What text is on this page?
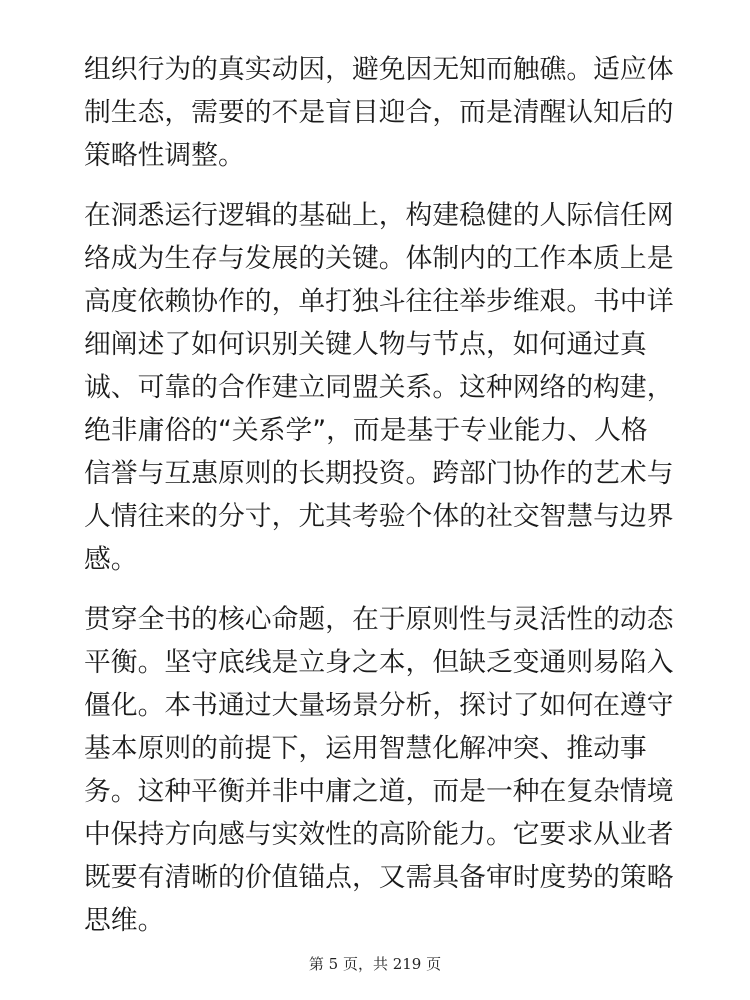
组织行为的真实动因，避免因无知而触礁。适应体
制生态，需要的不是盲目迎合，而是清醒认知后的
策略性调整。

在洞悉运行逻辑的基础上，构建稳健的人际信任网
络成为生存与发展的关键。体制内的工作本质上是
高度依赖协作的，单打独斗往往举步维艰。书中详
细阐述了如何识别关键人物与节点，如何通过真
诚、可靠的合作建立同盟关系。这种网络的构建，
绝非庸俗的“关系学”，而是基于专业能力、人格
信誉与互惠原则的长期投资。跨部门协作的艺术与
人情往来的分寸，尤其考验个体的社交智慧与边界
感。

贯穿全书的核心命题，在于原则性与灵活性的动态
平衡。坚守底线是立身之本，但缺乏变通则易陷入
僵化。本书通过大量场景分析，探讨了如何在遵守
基本原则的前提下，运用智慧化解冲突、推动事
务。这种平衡并非中庸之道，而是一种在复杂情境
中保持方向感与实效性的高阶能力。它要求从业者
既要有清晰的价值锚点，又需具备审时度势的策略
思维。

第 5 页，共 219 页
